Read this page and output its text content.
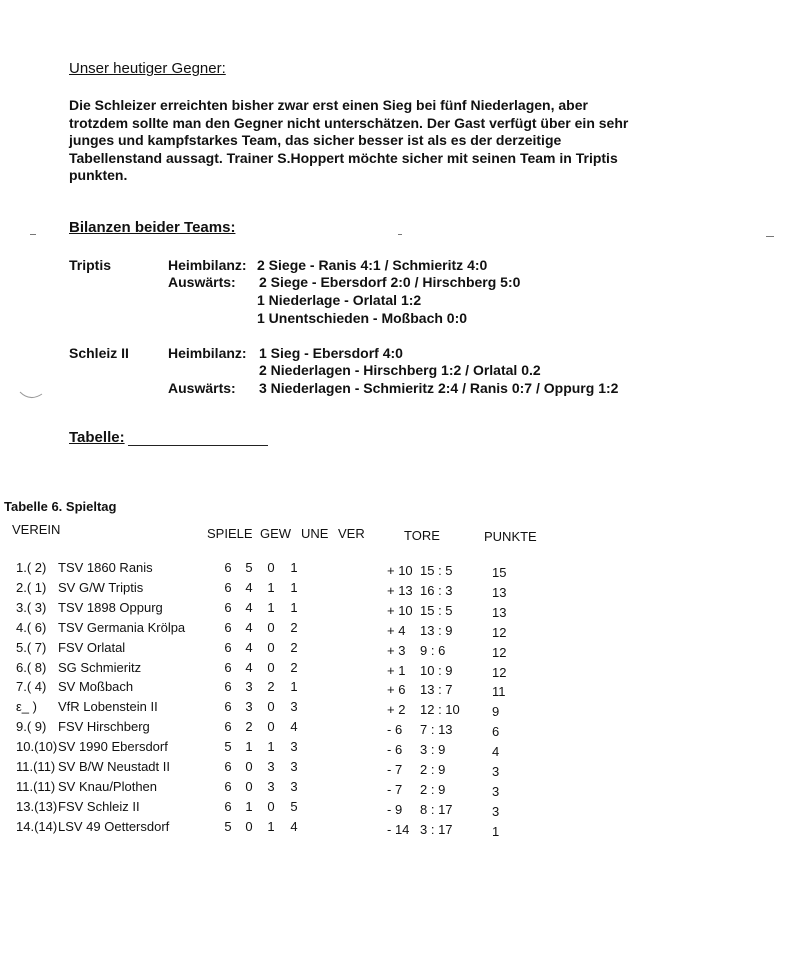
Unser heutiger Gegner:
Die Schleizer erreichten bisher zwar erst einen Sieg bei fünf Niederlagen, aber
trotzdem sollte man den Gegner nicht unterschätzen. Der Gast verfügt über ein sehr
junges und kampfstarkes Team, das sicher besser ist als es der derzeitige
Tabellenstand aussagt. Trainer S.Hoppert möchte sicher mit seinen Team in Triptis
punkten.
Bilanzen beider Teams:
Triptis	Heimbilanz: 2 Siege - Ranis 4:1 / Schmieritz 4:0
Auswärts: 2 Siege - Ebersdorf 2:0 / Hirschberg 5:0
1 Niederlage - Orlatal 1:2
1 Unentschieden - Moßbach 0:0
Schleiz II	Heimbilanz: 1 Sieg - Ebersdorf 4:0
2 Niederlagen - Hirschberg 1:2 / Orlatal 0.2
Auswärts: 3 Niederlagen - Schmieritz 2:4 / Ranis 0:7 / Oppurg 1:2
Tabelle:
Tabelle 6. Spieltag
VEREIN	SPIELE GEW UNE VER	TORE	PUNKTE
1.( 2) TSV 1860 Ranis	6 5 0 1	+ 10 15 : 5	15
2.( 1) SV G/W Triptis	6 4 1 1	+ 13 16 : 3	13
3.( 3) TSV 1898 Oppurg	6 4 1 1	+ 10 15 : 5	13
4.( 6) TSV Germania Krölpa	6 4 0 2	+ 4 13 : 9	12
5.( 7) FSV Orlatal	6 4 0 2	+ 3 9 : 6	12
6.( 8) SG Schmieritz	6 4 0 2	+ 1 10 : 9	12
7.( 4) SV Moßbach	6 3 2 1	+ 6 13 : 7	11
ε_ ) VfR Lobenstein II	6 3 0 3	+ 2 12 : 10 9
9.( 9) FSV Hirschberg	6 2 0 4	- 6 7 : 13	6
10.(10) SV 1990 Ebersdorf	5 1 1 3	- 6 3 : 9	4
11.(11) SV B/W Neustadt II	6 0 3 3	- 7 2 : 9	3
11.(11) SV Knau/Plothen	6 0 3 3	- 7 2 : 9	3
13.(13) FSV Schleiz II	6 1 0 5	- 9 8 : 17	3
14.(14) LSV 49 Oettersdorf	5 0 1 4	- 14 3 : 17	1
